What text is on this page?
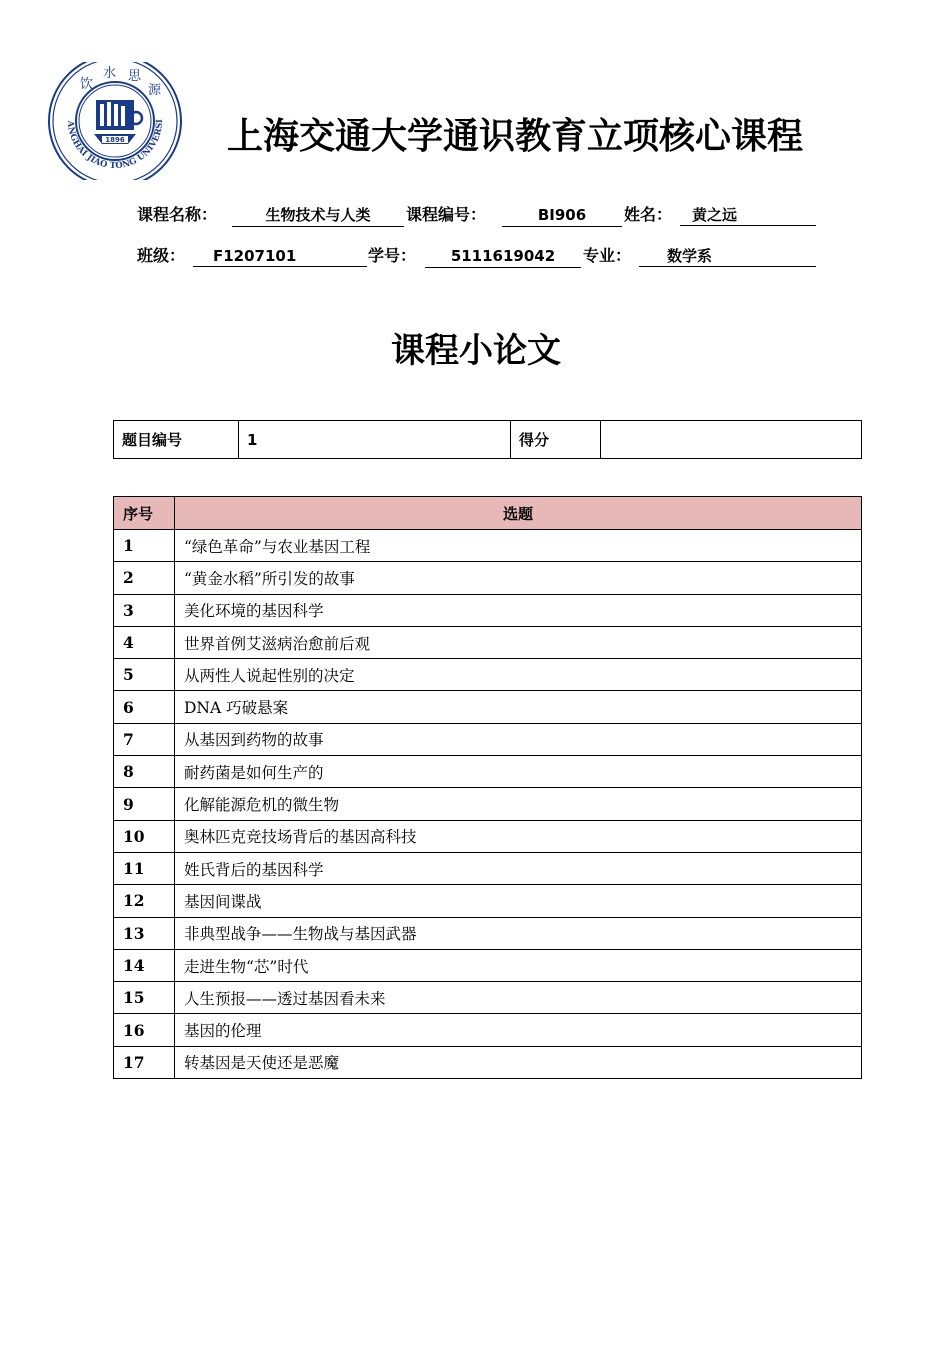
ANGHAI JIAO TONG UNIVERSI
饮
水 思
源
1896	上海交通大学通识教育立项核心课程
课程名称：	生物技术与人类	课程编号：	BI906	姓名：	黄之远
班级：	F1207101	学号：	5111619042	专业：	数学系
课程小论文
题目编号	1	得分	
序号	选题
1	“绿色革命”与农业基因工程
2	“黄金水稻”所引发的故事
3	美化环境的基因科学
4	世界首例艾滋病治愈前后观
5	从两性人说起性别的决定
6	DNA 巧破悬案
7	从基因到药物的故事
8	耐药菌是如何生产的
9	化解能源危机的微生物
10	奥林匹克竞技场背后的基因高科技
11	姓氏背后的基因科学
12	基因间谍战
13	非典型战争——生物战与基因武器
14	走进生物“芯”时代
15	人生预报——透过基因看未来
16	基因的伦理
17	转基因是天使还是恶魔
